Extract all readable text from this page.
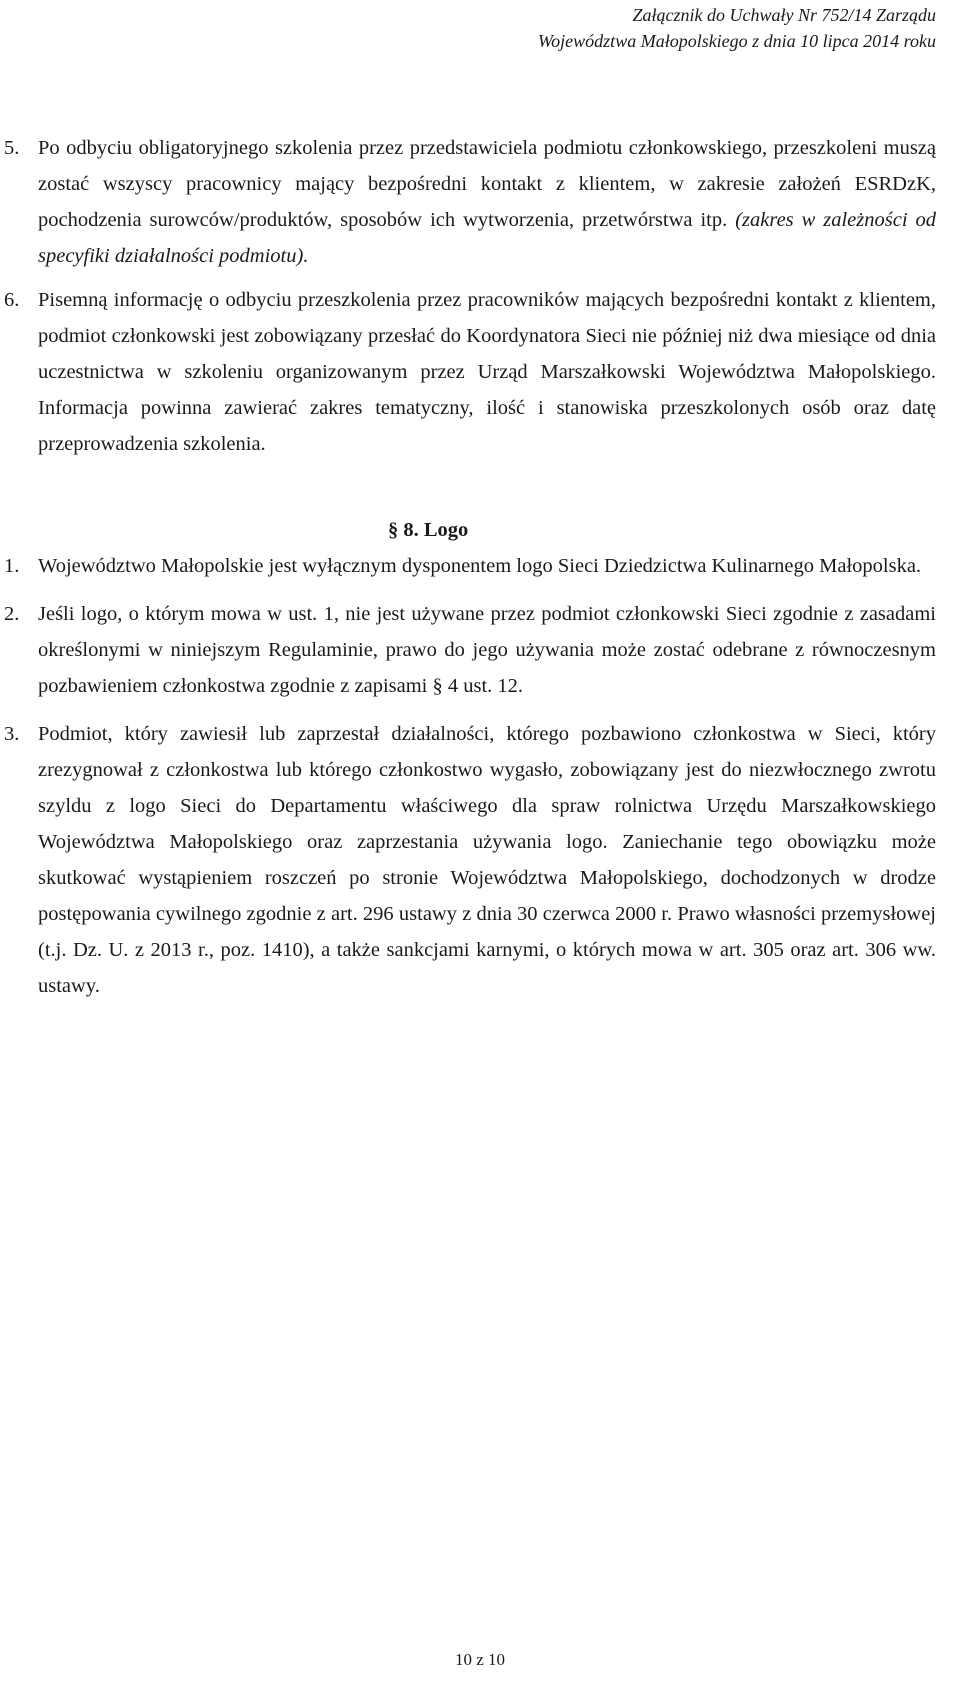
Załącznik do Uchwały Nr 752/14 Zarządu
Województwa Małopolskiego z dnia 10 lipca 2014 roku
5. Po odbyciu obligatoryjnego szkolenia przez przedstawiciela podmiotu członkowskiego, przeszkoleni muszą zostać wszyscy pracownicy mający bezpośredni kontakt z klientem, w zakresie założeń ESRDzK, pochodzenia surowców/produktów, sposobów ich wytworzenia, przetwórstwa itp. (zakres w zależności od specyfiki działalności podmiotu).
6. Pisemną informację o odbyciu przeszkolenia przez pracowników mających bezpośredni kontakt z klientem, podmiot członkowski jest zobowiązany przesłać do Koordynatora Sieci nie później niż dwa miesiące od dnia uczestnictwa w szkoleniu organizowanym przez Urząd Marszałkowski Województwa Małopolskiego. Informacja powinna zawierać zakres tematyczny, ilość i stanowiska przeszkolonych osób oraz datę przeprowadzenia szkolenia.
§ 8. Logo
1. Województwo Małopolskie jest wyłącznym dysponentem logo Sieci Dziedzictwa Kulinarnego Małopolska.
2. Jeśli logo, o którym mowa w ust. 1, nie jest używane przez podmiot członkowski Sieci zgodnie z zasadami określonymi w niniejszym Regulaminie, prawo do jego używania może zostać odebrane z równoczesnym pozbawieniem członkostwa zgodnie z zapisami § 4 ust. 12.
3. Podmiot, który zawiesił lub zaprzestał działalności, którego pozbawiono członkostwa w Sieci, który zrezygnował z członkostwa lub którego członkostwo wygasło, zobowiązany jest do niezwłocznego zwrotu szyldu z logo Sieci do Departamentu właściwego dla spraw rolnictwa Urzędu Marszałkowskiego Województwa Małopolskiego oraz zaprzestania używania logo. Zaniechanie tego obowiązku może skutkować wystąpieniem roszczeń po stronie Województwa Małopolskiego, dochodzonych w drodze postępowania cywilnego zgodnie z art. 296 ustawy z dnia 30 czerwca 2000 r. Prawo własności przemysłowej (t.j. Dz. U. z 2013 r., poz. 1410), a także sankcjami karnymi, o których mowa w art. 305 oraz art. 306 ww. ustawy.
10 z 10
